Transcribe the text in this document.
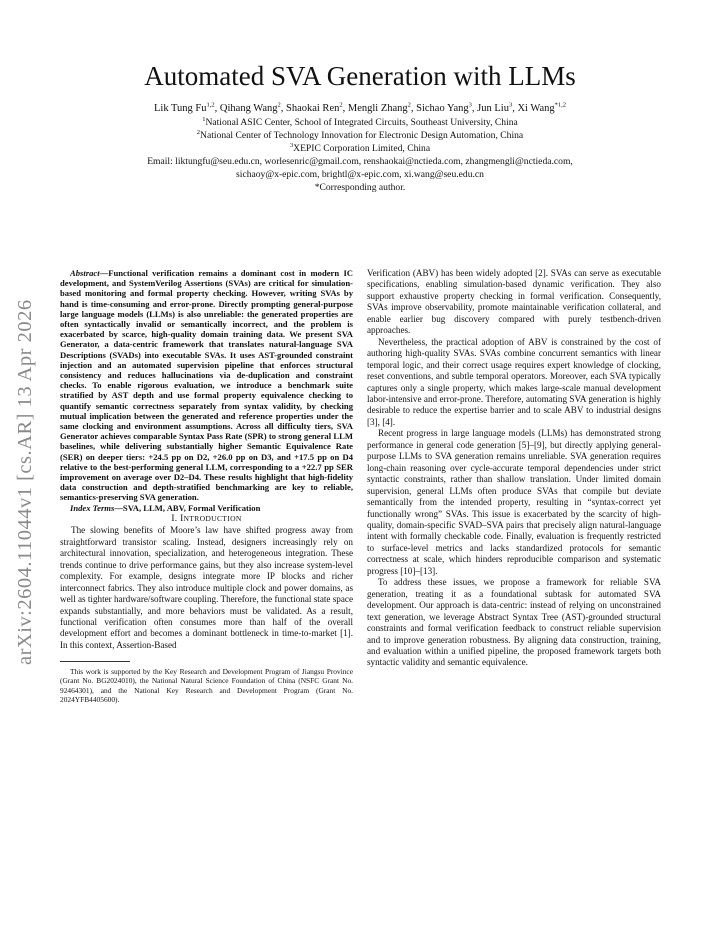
arXiv:2604.11044v1 [cs.AR] 13 Apr 2026
Automated SVA Generation with LLMs
Lik Tung Fu$^{1,2}$, Qihang Wang$^2$, Shaokai Ren$^2$, Mengli Zhang$^2$, Sichao Yang$^3$, Jun Liu$^3$, Xi Wang$^{*1,2}$
$^1$National ASIC Center, School of Integrated Circuits, Southeast University, China
$^2$National Center of Technology Innovation for Electronic Design Automation, China
$^3$XEPIC Corporation Limited, China
Email: liktungfu@seu.edu.cn, worlesenric@gmail.com, renshaokai@nctieda.com, zhangmengli@nctieda.com,
sichaoy@x-epic.com, brightl@x-epic.com, xi.wang@seu.edu.cn
*Corresponding author.

Abstract—Functional verification remains a dominant cost in modern IC development, and SystemVerilog Assertions (SVAs) are critical for simulation-based monitoring and formal property checking. However, writing SVAs by hand is time-consuming and error-prone. Directly prompting general-purpose large language models (LLMs) is also unreliable: the generated properties are often syntactically invalid or semantically incorrect, and the problem is exacerbated by scarce, high-quality domain training data. We present SVA Generator, a data-centric framework that translates natural-language SVA Descriptions (SVADs) into executable SVAs. It uses AST-grounded constraint injection and an automated supervision pipeline that enforces structural consistency and reduces hallucinations via de-duplication and constraint checks. To enable rigorous evaluation, we introduce a benchmark suite stratified by AST depth and use formal property equivalence checking to quantify semantic correctness separately from syntax validity, by checking mutual implication between the generated and reference properties under the same clocking and environment assumptions. Across all difficulty tiers, SVA Generator achieves comparable Syntax Pass Rate (SPR) to strong general LLM baselines, while delivering substantially higher Semantic Equivalence Rate (SER) on deeper tiers: +24.5 pp on D2, +26.0 pp on D3, and +17.5 pp on D4 relative to the best-performing general LLM, corresponding to a +22.7 pp SER improvement on average over D2–D4. These results highlight that high-fidelity data construction and depth-stratified benchmarking are key to reliable, semantics-preserving SVA generation.

Index Terms—SVA, LLM, ABV, Formal Verification

I. INTRODUCTION

The slowing benefits of Moore’s law have shifted progress away from straightforward transistor scaling. Instead, designers increasingly rely on architectural innovation, specialization, and heterogeneous integration. These trends continue to drive performance gains, but they also increase system-level complexity. For example, designs integrate more IP blocks and richer interconnect fabrics. They also introduce multiple clock and power domains, as well as tighter hardware/software coupling. Therefore, the functional state space expands substantially, and more behaviors must be validated. As a result, functional verification often consumes more than half of the overall development effort and becomes a dominant bottleneck in time-to-market [1]. In this context, Assertion-Based

This work is supported by the Key Research and Development Program of Jiangsu Province (Grant No. BG2024010), the National Natural Science Foundation of China (NSFC Grant No. 92464301), and the National Key Research and Development Program (Grant No. 2024YFB4405600).

Verification (ABV) has been widely adopted [2]. SVAs can serve as executable specifications, enabling simulation-based dynamic verification. They also support exhaustive property checking in formal verification. Consequently, SVAs improve observability, promote maintainable verification collateral, and enable earlier bug discovery compared with purely testbench-driven approaches.

Nevertheless, the practical adoption of ABV is constrained by the cost of authoring high-quality SVAs. SVAs combine concurrent semantics with linear temporal logic, and their correct usage requires expert knowledge of clocking, reset conventions, and subtle temporal operators. Moreover, each SVA typically captures only a single property, which makes large-scale manual development labor-intensive and error-prone. Therefore, automating SVA generation is highly desirable to reduce the expertise barrier and to scale ABV to industrial designs [3], [4].

Recent progress in large language models (LLMs) has demonstrated strong performance in general code generation [5]–[9], but directly applying general-purpose LLMs to SVA generation remains unreliable. SVA generation requires long-chain reasoning over cycle-accurate temporal dependencies under strict syntactic constraints, rather than shallow translation. Under limited domain supervision, general LLMs often produce SVAs that compile but deviate semantically from the intended property, resulting in “syntax-correct yet functionally wrong” SVAs. This issue is exacerbated by the scarcity of high-quality, domain-specific SVAD–SVA pairs that precisely align natural-language intent with formally checkable code. Finally, evaluation is frequently restricted to surface-level metrics and lacks standardized protocols for semantic correctness at scale, which hinders reproducible comparison and systematic progress [10]–[13].

To address these issues, we propose a framework for reliable SVA generation, treating it as a foundational subtask for automated SVA development. Our approach is data-centric: instead of relying on unconstrained text generation, we leverage Abstract Syntax Tree (AST)-grounded structural constraints and formal verification feedback to construct reliable supervision and to improve generation robustness. By aligning data construction, training, and evaluation within a unified pipeline, the proposed framework targets both syntactic validity and semantic equivalence.
